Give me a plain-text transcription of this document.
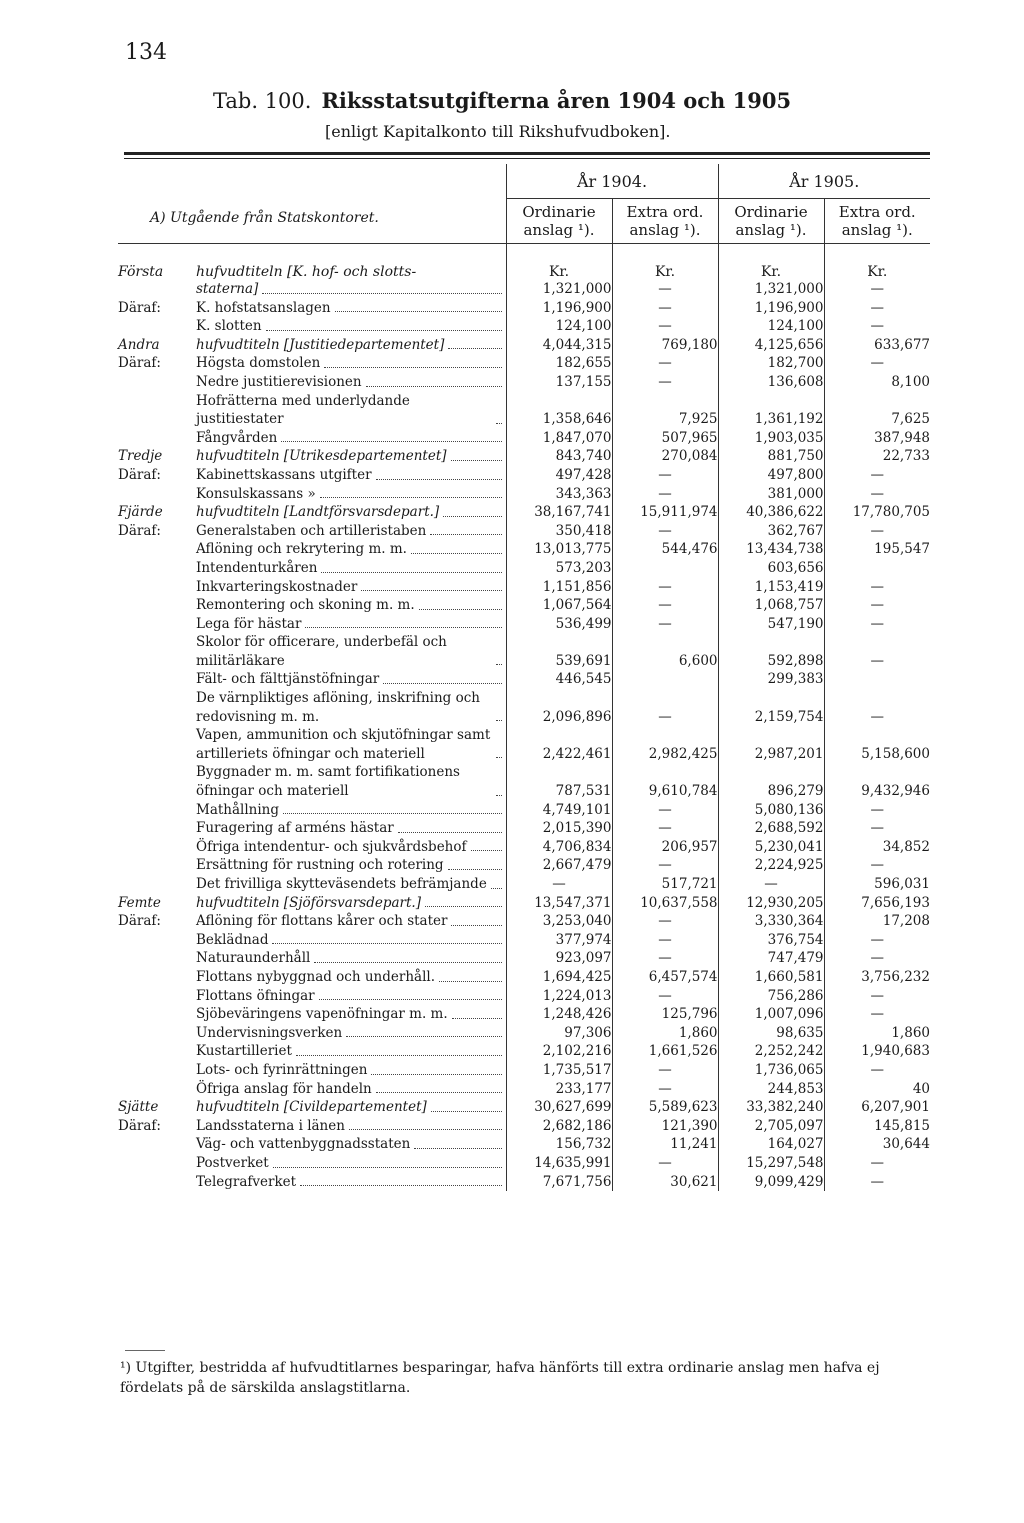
134
Tab. 100. Riksstatsutgifterna åren 1904 och 1905
[enligt Kapitalkonto till Rikshufvudboken].
A) Utgående från Statskontoret.	År 1904.		År 1905.	
	Ordinarie anslag ¹).	Extra ord. anslag ¹).	Ordinarie anslag ¹).	Extra ord. anslag ¹).

Första hufvudtiteln [K. hof- och slotts-	Kr.	Kr.	Kr.	Kr.

staterna]	1,321,000	—	1,321,000	—

Däraf: K. hofstatsanslagen	1,196,900	—	1,196,900	—

K. slotten	124,100	—	124,100	—

Andra hufvudtiteln [Justitiedepartementet]	4,044,315	769,180	4,125,656	633,677

Däraf: Högsta domstolen	182,655	—	182,700	—

Nedre justitierevisionen	137,155	—	136,608	8,100

Hofrätterna med underlydande justitiestater	1,358,646	7,925	1,361,192	7,625

Fångvården	1,847,070	507,965	1,903,035	387,948

Tredje hufvudtiteln [Utrikesdepartementet]	843,740	270,084	881,750	22,733

Däraf: Kabinettskassans utgifter	497,428	—	497,800	—

Konsulskassans »	343,363	—	381,000	—

Fjärde hufvudtiteln [Landtförsvarsdepart.]	38,167,741	15,911,974	40,386,622	17,780,705

Däraf: Generalstaben och artilleristaben	350,418	—	362,767	—

Aflöning och rekrytering m. m.	13,013,775	544,476	13,434,738	195,547

Intendenturkåren	573,203		603,656	

Inkvarteringskostnader	1,151,856	—	1,153,419	—

Remontering och skoning m. m.	1,067,564	—	1,068,757	—

Lega för hästar	536,499	—	547,190	—

Skolor för officerare, underbefäl och militärläkare	539,691	6,600	592,898	—

Fält- och fälttjänstöfningar	446,545		299,383	

De värnpliktiges aflöning, inskrifning och redovisning m. m.	2,096,896	—	2,159,754	—

Vapen, ammunition och skjutöfningar samt artilleriets öfningar och materiell	2,422,461	2,982,425	2,987,201	5,158,600

Byggnader m. m. samt fortifikationens öfningar och materiell	787,531	9,610,784	896,279	9,432,946

Mathållning	4,749,101	—	5,080,136	—

Furagering af arméns hästar	2,015,390	—	2,688,592	—

Öfriga intendentur- och sjukvårdsbehof	4,706,834	206,957	5,230,041	34,852

Ersättning för rustning och rotering	2,667,479	—	2,224,925	—

Det frivilliga skytteväsendets befrämjande	—	517,721	—	596,031

Femte hufvudtiteln [Sjöförsvarsdepart.]	13,547,371	10,637,558	12,930,205	7,656,193

Däraf: Aflöning för flottans kårer och stater	3,253,040	—	3,330,364	17,208

Beklädnad	377,974	—	376,754	—

Naturaunderhåll	923,097	—	747,479	—

Flottans nybyggnad och underhåll.	1,694,425	6,457,574	1,660,581	3,756,232

Flottans öfningar	1,224,013	—	756,286	—

Sjöbeväringens vapenöfningar m. m.	1,248,426	125,796	1,007,096	—

Undervisningsverken	97,306	1,860	98,635	1,860

Kustartilleriet	2,102,216	1,661,526	2,252,242	1,940,683

Lots- och fyrinrättningen	1,735,517	—	1,736,065	—

Öfriga anslag för handeln	233,177	—	244,853	40

Sjätte hufvudtiteln [Civildepartementet]	30,627,699	5,589,623	33,382,240	6,207,901

Däraf: Landsstaterna i länen	2,682,186	121,390	2,705,097	145,815

Väg- och vattenbyggnadsstaten	156,732	11,241	164,027	30,644

Postverket	14,635,991	—	15,297,548	—

Telegrafverket	7,671,756	30,621	9,099,429	—
¹) Utgifter, bestridda af hufvudtitlarnes besparingar, hafva hänförts till extra ordinarie anslag men hafva ej fördelats på de särskilda anslagstitlarna.
